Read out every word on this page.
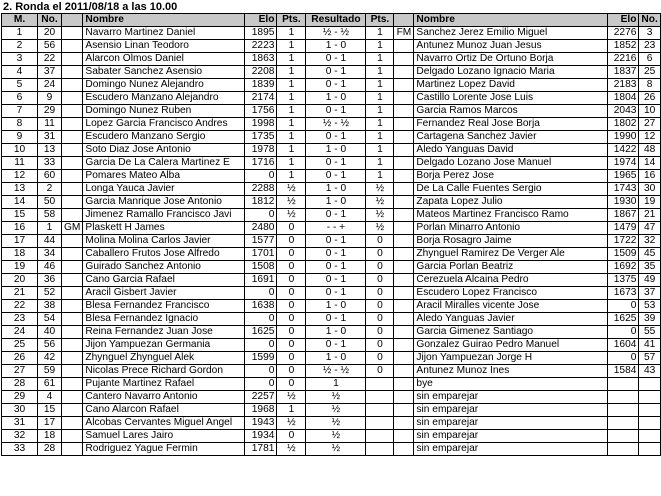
2. Ronda el 2011/08/18 a las 10.00
M.	No.		Nombre	Elo	Pts.	Resultado	Pts.		Nombre	Elo	No.
1	20		Navarro Martinez Daniel	1895	1	½ - ½	1	FM	Sanchez Jerez Emilio Miguel	2276	3
2	56		Asensio Linan Teodoro	2223	1	1 - 0	1		Antunez Munoz Juan Jesus	1852	23
3	22		Alarcon Olmos Daniel	1863	1	0 - 1	1		Navarro Ortiz De Ortuno Borja	2216	6
4	37		Sabater Sanchez Asensio	2208	1	0 - 1	1		Delgado Lozano Ignacio Maria	1837	25
5	24		Domingo Nunez Alejandro	1839	1	0 - 1	1		Martinez Lopez David	2183	8
6	9		Escudero Manzano Alejandro	2174	1	1 - 0	1		Castillo Lorente Jose Luis	1804	26
7	29		Domingo Nunez Ruben	1756	1	0 - 1	1		Garcia Ramos Marcos	2043	10
8	11		Lopez Garcia Francisco Andres	1998	1	½ - ½	1		Fernandez Real Jose Borja	1802	27
9	31		Escudero Manzano Sergio	1735	1	0 - 1	1		Cartagena Sanchez Javier	1990	12
10	13		Soto Diaz Jose Antonio	1978	1	1 - 0	1		Aledo Yanguas David	1422	48
11	33		Garcia De La Calera Martinez E	1716	1	0 - 1	1		Delgado Lozano Jose Manuel	1974	14
12	60		Pomares Mateo Alba	0	1	0 - 1	1		Borja Perez Jose	1965	16
13	2		Longa Yauca Javier	2288	½	1 - 0	½		De La Calle Fuentes Sergio	1743	30
14	50		Garcia Manrique Jose Antonio	1812	½	1 - 0	½		Zapata Lopez Julio	1930	19
15	58		Jimenez Ramallo Francisco Javi	0	½	0 - 1	½		Mateos Martinez Francisco Ramo	1867	21
16	1	GM	Plaskett H James	2480	0	- - +	½		Porlan Minarro Antonio	1479	47
17	44		Molina Molina Carlos Javier	1577	0	0 - 1	0		Borja Rosagro Jaime	1722	32
18	34		Caballero Frutos Jose Alfredo	1701	0	0 - 1	0		Zhynguel Ramirez De Verger Ale	1509	45
19	46		Guirado Sanchez Antonio	1508	0	0 - 1	0		Garcia Porlan Beatriz	1692	35
20	36		Cano Garcia Rafael	1691	0	0 - 1	0		Cerezuela Alcaina Pedro	1375	49
21	52		Aracil Gisbert Javier	0	0	0 - 1	0		Escudero Lopez Francisco	1673	37
22	38		Blesa Fernandez Francisco	1638	0	1 - 0	0		Aracil Miralles vicente Jose	0	53
23	54		Blesa Fernandez Ignacio	0	0	0 - 1	0		Aledo Yanguas Javier	1625	39
24	40		Reina Fernandez Juan Jose	1625	0	1 - 0	0		Garcia Gimenez Santiago	0	55
25	56		Jijon Yampuezan Germania	0	0	0 - 1	0		Gonzalez Guirao Pedro Manuel	1604	41
26	42		Zhynguel Zhynguel Alek	1599	0	1 - 0	0		Jijon Yampuezan Jorge H	0	57
27	59		Nicolas Prece Richard Gordon	0	0	½ - ½	0		Antunez Munoz Ines	1584	43
28	61		Pujante Martinez Rafael	0	0	1			bye		
29	4		Cantero Navarro Antonio	2257	½	½			sin emparejar		
30	15		Cano Alarcon Rafael	1968	1	½			sin emparejar		
31	17		Alcobas Cervantes Miguel Angel	1943	½	½			sin emparejar		
32	18		Samuel Lares Jairo	1934	0	½			sin emparejar		
33	28		Rodriguez Yague Fermin	1781	½	½			sin emparejar		
